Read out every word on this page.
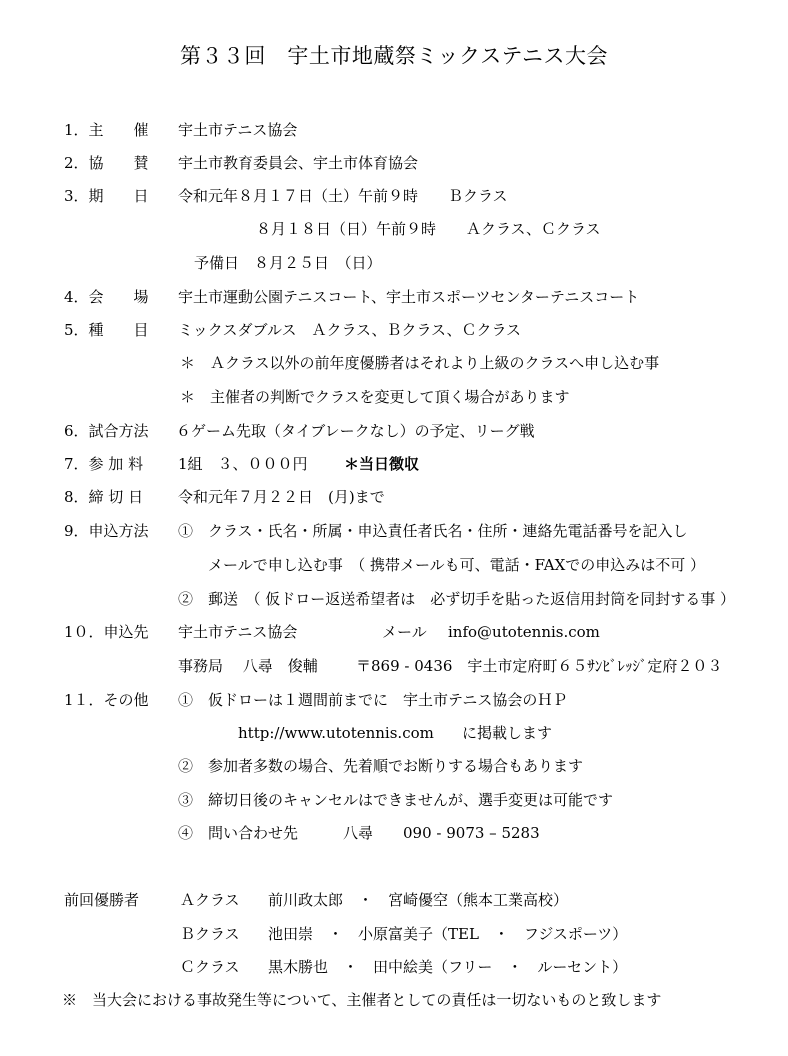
第３３回　宇土市地蔵祭ミックステニス大会
1．主　　催 宇土市テニス協会
2．協　　賛 宇土市教育委員会、宇土市体育協会
3．期　　日 令和元年８月１７日（土）午前９時　　Ｂクラス
８月１８日（日）午前９時　　Ａクラス、Ｃクラス
予備日　８月２５日　（日）
4．会　　場 宇土市運動公園テニスコート、宇土市スポーツセンターテニスコート
5．種　　目 ミックスダブルス　Ａクラス、Ｂクラス、Ｃクラス
＊　Ａクラス以外の前年度優勝者はそれより上級のクラスへ申し込む事
＊　主催者の判断でクラスを変更して頂く場合があります
6．試合方法 ６ゲーム先取（タイブレークなし）の予定、リーグ戦
7．参 加 料 1組　３、０００円 ＊当日徴収
8．締 切 日 令和元年７月２２日　(月)まで
9．申込方法 ①　クラス・氏名・所属・申込責任者氏名・住所・連絡先電話番号を記入し
メールで申し込む事　（ 携帯メールも可、電話・FAXでの申込みは不可 ）
②　郵送　（ 仮ドロー返送希望者は　必ず切手を貼った返信用封筒を同封する事 ）
1０．申込先 宇土市テニス協会	メール info@utotennis.com
事務局　 八尋　俊輔	〒869 - 0436　宇土市定府町６５ｻﾝﾋﾞﾚｯｼﾞ定府２０３
1１．その他 ①　仮ドローは１週間前までに　宇土市テニス協会のＨＰ
http://www.utotennis.com に掲載します
②　参加者多数の場合、先着順でお断りする場合もあります
③　締切日後のキャンセルはできませんが、選手変更は可能です
④　問い合わせ先　　　八尋　　090 - 9073 – 5283
前回優勝者	Ａクラス 前川政太郎　・　宮崎優空（熊本工業高校）
Ｂクラス 池田崇　・　小原富美子（TEL　・　フジスポーツ）
Ｃクラス 黒木勝也　・　田中絵美（フリー　・　ルーセント）
※　当大会における事故発生等について、主催者としての責任は一切ないものと致します
